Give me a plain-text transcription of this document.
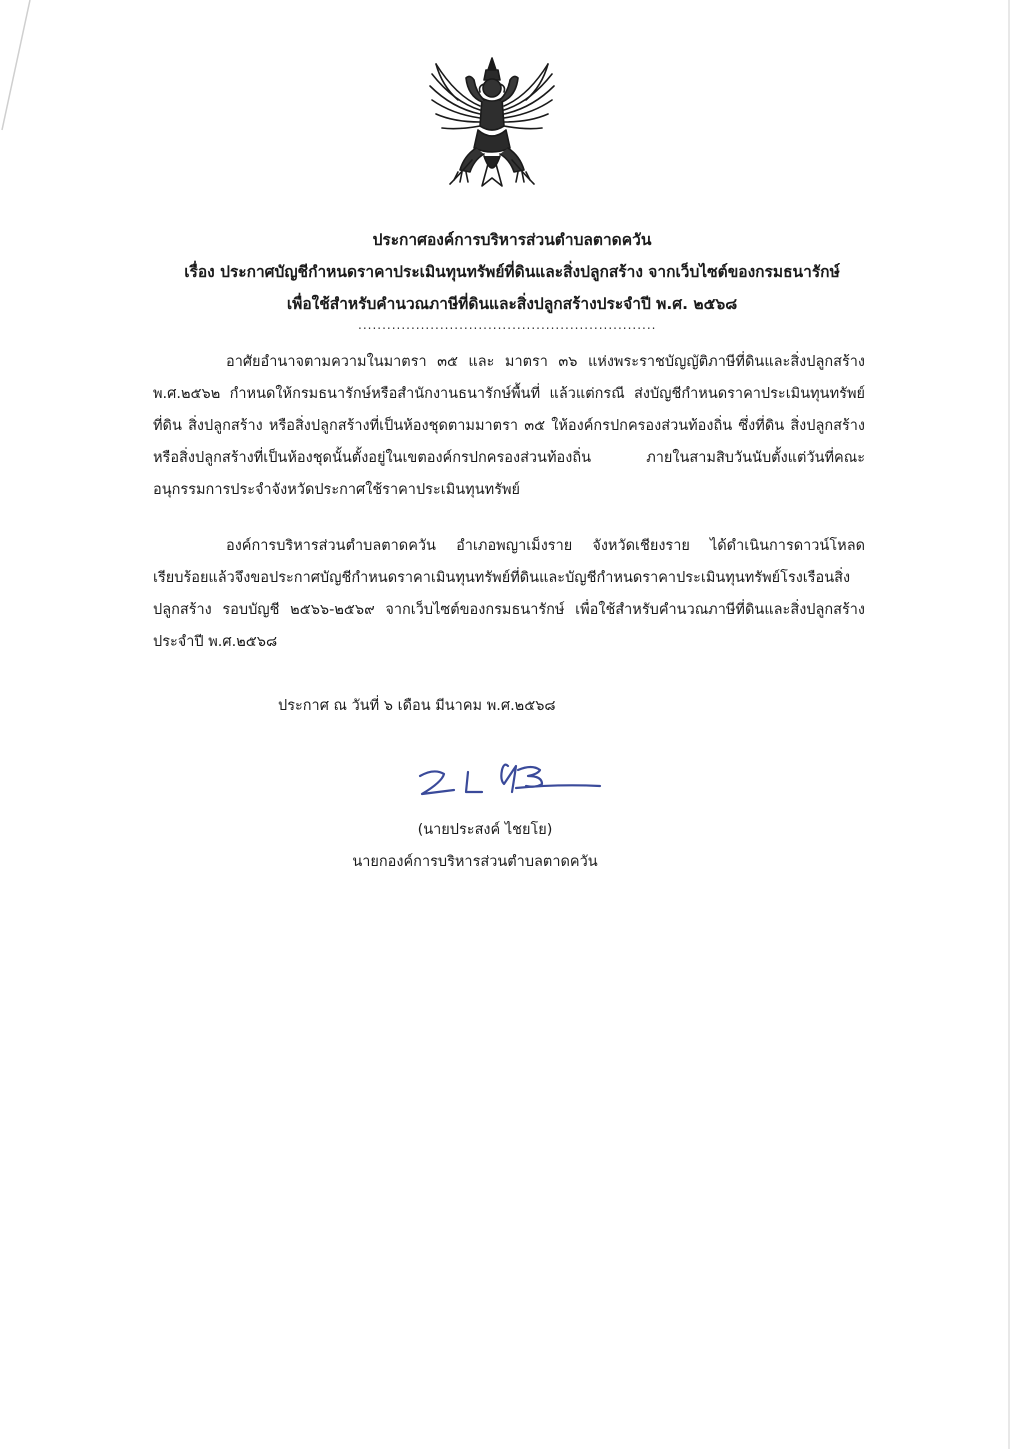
ประกาศองค์การบริหารส่วนตำบลตาดควัน
เรื่อง ประกาศบัญชีกำหนดราคาประเมินทุนทรัพย์ที่ดินและสิ่งปลูกสร้าง จากเว็บไซต์ของกรมธนารักษ์
เพื่อใช้สำหรับคำนวณภาษีที่ดินและสิ่งปลูกสร้างประจำปี พ.ศ. ๒๕๖๘
..............................................................
อาศัยอำนาจตามความในมาตรา ๓๕ และ มาตรา ๓๖ แห่งพระราชบัญญัติภาษีที่ดินและสิ่งปลูกสร้าง พ.ศ.๒๕๖๒ กำหนดให้กรมธนารักษ์หรือสำนักงานธนารักษ์พื้นที่ แล้วแต่กรณี ส่งบัญชีกำหนดราคาประเมินทุนทรัพย์ที่ดิน สิ่งปลูกสร้าง หรือสิ่งปลูกสร้างที่เป็นห้องชุดตามมาตรา ๓๕ ให้องค์กรปกครองส่วนท้องถิ่น ซึ่งที่ดิน สิ่งปลูกสร้าง หรือสิ่งปลูกสร้างที่เป็นห้องชุดนั้นตั้งอยู่ในเขตองค์กรปกครองส่วนท้องถิ่น ภายในสามสิบวันนับตั้งแต่วันที่คณะอนุกรรมการประจำจังหวัดประกาศใช้ราคาประเมินทุนทรัพย์
องค์การบริหารส่วนตำบลตาดควัน อำเภอพญาเม็งราย จังหวัดเชียงราย ได้ดำเนินการดาวน์โหลดเรียบร้อยแล้วจึงขอประกาศบัญชีกำหนดราคาเมินทุนทรัพย์ที่ดินและบัญชีกำหนดราคาประเมินทุนทรัพย์โรงเรือนสิ่งปลูกสร้าง รอบบัญชี ๒๕๖๖-๒๕๖๙ จากเว็บไซต์ของกรมธนารักษ์ เพื่อใช้สำหรับคำนวณภาษีที่ดินและสิ่งปลูกสร้าง ประจำปี พ.ศ.๒๕๖๘
ประกาศ ณ วันที่ ๖ เดือน มีนาคม พ.ศ.๒๕๖๘
(นายประสงค์ ไชยโย)
นายกองค์การบริหารส่วนตำบลตาดควัน
